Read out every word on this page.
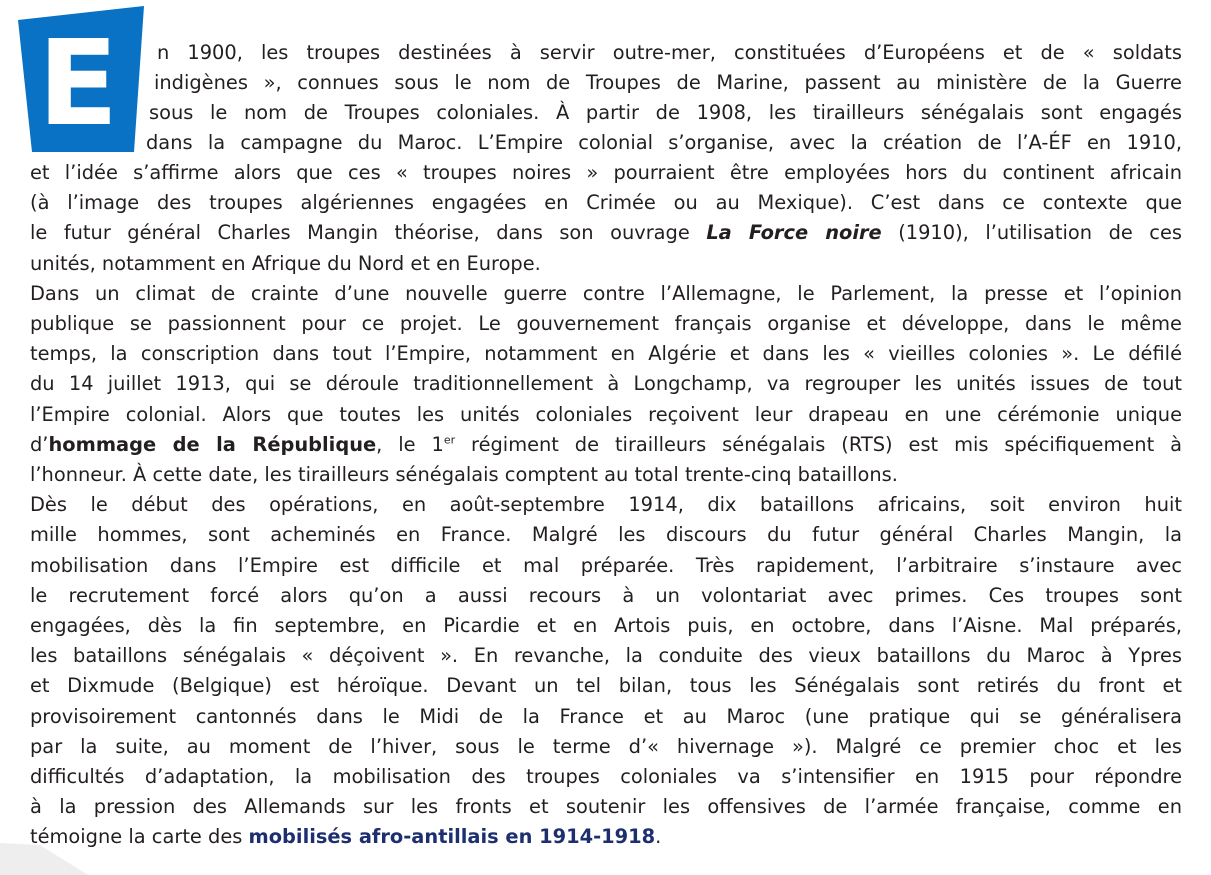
E n 1900, les troupes destinées à servir outre-mer, constituées d’Européens et de « soldats
indigènes », connues sous le nom de Troupes de Marine, passent au ministère de la Guerre
sous le nom de Troupes coloniales. À partir de 1908, les tirailleurs sénégalais sont engagés
dans la campagne du Maroc. L’Empire colonial s’organise, avec la création de l’A-ÉF en 1910,

et l’idée s’affirme alors que ces « troupes noires » pourraient être employées hors du continent africain
(à l’image des troupes algériennes engagées en Crimée ou au Mexique). C’est dans ce contexte que
le futur général Charles Mangin théorise, dans son ouvrage La Force noire (1910), l’utilisation de ces
unités, notamment en Afrique du Nord et en Europe.

Dans un climat de crainte d’une nouvelle guerre contre l’Allemagne, le Parlement, la presse et l’opinion
publique se passionnent pour ce projet. Le gouvernement français organise et développe, dans le même
temps, la conscription dans tout l’Empire, notamment en Algérie et dans les « vieilles colonies ». Le défilé
du 14 juillet 1913, qui se déroule traditionnellement à Longchamp, va regrouper les unités issues de tout
l’Empire colonial. Alors que toutes les unités coloniales reçoivent leur drapeau en une cérémonie unique
d’hommage de la République, le 1er régiment de tirailleurs sénégalais (RTS) est mis spécifiquement à
l’honneur. À cette date, les tirailleurs sénégalais comptent au total trente-cinq bataillons.

Dès le début des opérations, en août-septembre 1914, dix bataillons africains, soit environ huit
mille hommes, sont acheminés en France. Malgré les discours du futur général Charles Mangin, la
mobilisation dans l’Empire est difficile et mal préparée. Très rapidement, l’arbitraire s’instaure avec
le recrutement forcé alors qu’on a aussi recours à un volontariat avec primes. Ces troupes sont
engagées, dès la fin septembre, en Picardie et en Artois puis, en octobre, dans l’Aisne. Mal préparés,
les bataillons sénégalais « déçoivent ». En revanche, la conduite des vieux bataillons du Maroc à Ypres
et Dixmude (Belgique) est héroïque. Devant un tel bilan, tous les Sénégalais sont retirés du front et
provisoirement cantonnés dans le Midi de la France et au Maroc (une pratique qui se généralisera
par la suite, au moment de l’hiver, sous le terme d’« hivernage »). Malgré ce premier choc et les
difficultés d’adaptation, la mobilisation des troupes coloniales va s’intensifier en 1915 pour répondre
à la pression des Allemands sur les fronts et soutenir les offensives de l’armée française, comme en
témoigne la carte des mobilisés afro-antillais en 1914-1918.
